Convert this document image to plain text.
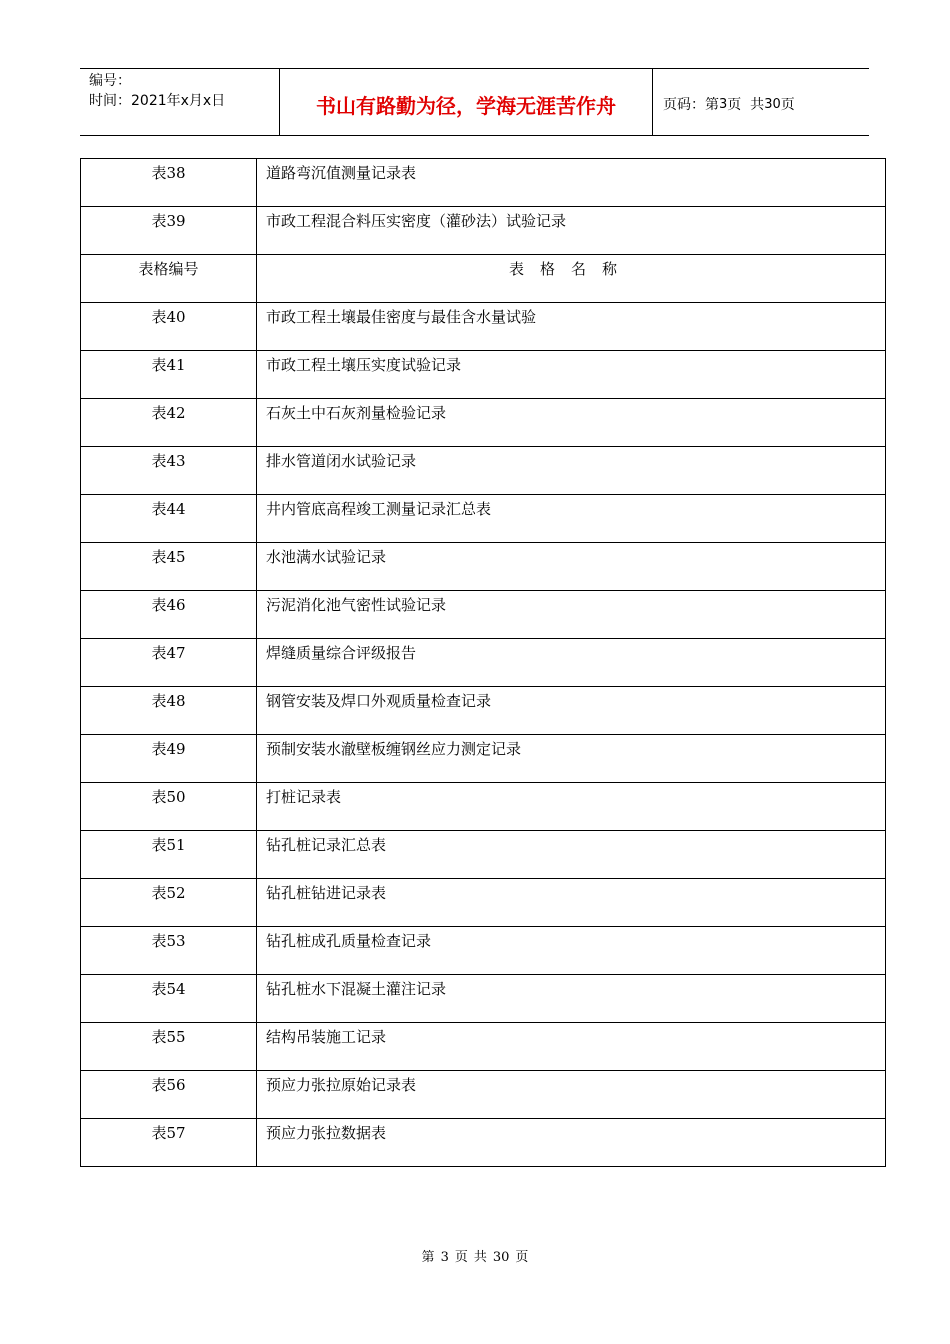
编号：
时间：2021年x月x日	书山有路勤为径，学海无涯苦作舟	页码：第 3 页  共 30 页
表38	道路弯沉值测量记录表
表39	市政工程混合料压实密度（灌砂法）试验记录
表格编号	表格名称
表40	市政工程土壤最佳密度与最佳含水量试验
表41	市政工程土壤压实度试验记录
表42	石灰土中石灰剂量检验记录
表43	排水管道闭水试验记录
表44	井内管底高程竣工测量记录汇总表
表45	水池满水试验记录
表46	污泥消化池气密性试验记录
表47	焊缝质量综合评级报告
表48	钢管安装及焊口外观质量检查记录
表49	预制安装水澈壁板缠钢丝应力测定记录
表50	打桩记录表
表51	钻孔桩记录汇总表
表52	钻孔桩钻进记录表
表53	钻孔桩成孔质量检查记录
表54	钻孔桩水下混凝土灌注记录
表55	结构吊装施工记录
表56	预应力张拉原始记录表
表57	预应力张拉数据表
第 3 页 共 30 页
